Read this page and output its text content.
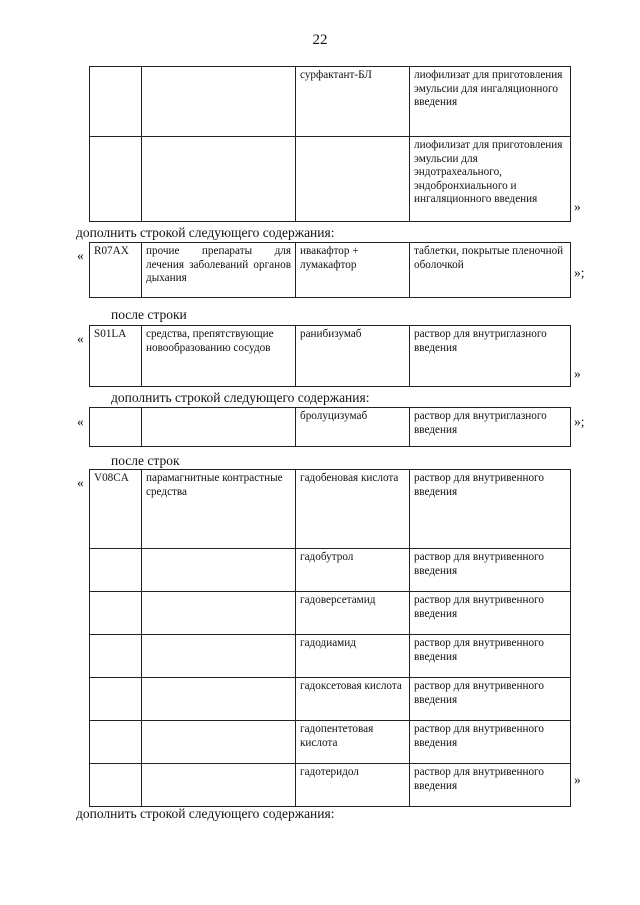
22
		сурфактант-БЛ	лиофилизат для приготовления эмульсии для ингаляционного введения
			лиофилизат для приготовления эмульсии для эндотрахеального, эндобронхиального и ингаляционного введения	»
дополнить строкой следующего содержания:
« R07AX	прочие препараты для лечения заболеваний органов дыхания	ивакафтор + лумакафтор	таблетки, покрытые пленочной оболочкой
»;
после строки
« S01LA	средства, препятствующие новообразованию сосудов	ранибизумаб	раствор для внутриглазного введения
»
дополнить строкой следующего содержания:
«
			бролуцизумаб	раствор для внутриглазного введения
»;
после строк
« V08CA	парамагнитные контрастные средства	гадобеновая кислота	раствор для внутривенного введения
		гадобутрол	раствор для внутривенного введения
		гадоверсетамид	раствор для внутривенного введения
		гадодиамид	раствор для внутривенного введения
		гадоксетовая кислота	раствор для внутривенного введения
		гадопентетовая кислота	раствор для внутривенного введения
		гадотеридол	раствор для внутривенного введения	»
дополнить строкой следующего содержания:
